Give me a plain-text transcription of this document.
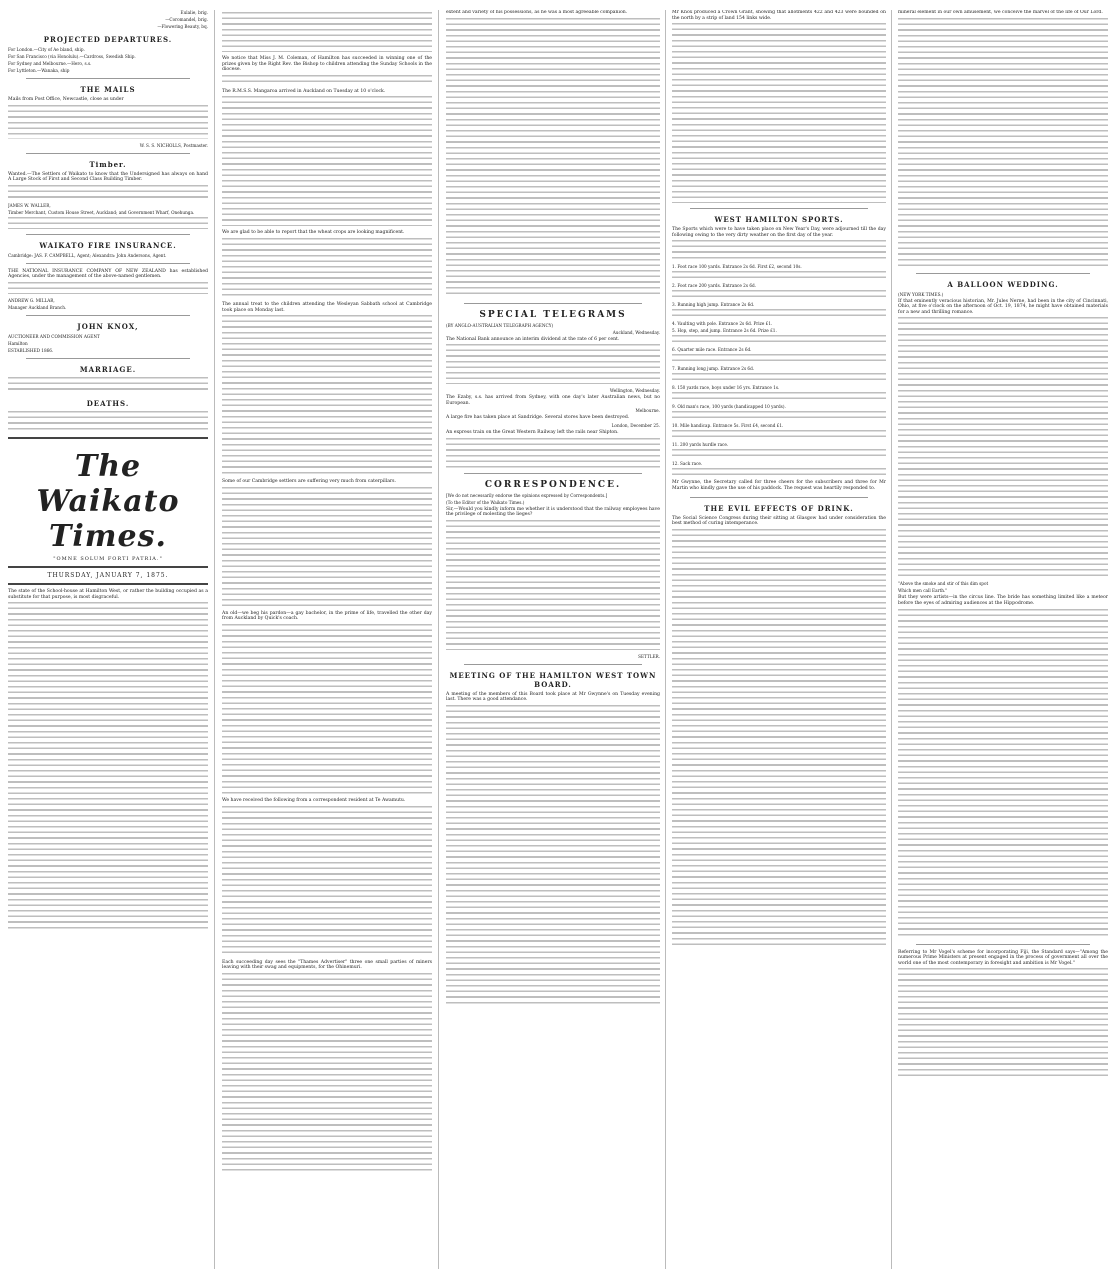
Eulalie, brig.
—Coromandel, brig.
—Flowering Beauty, bq.
PROJECTED DEPARTURES.
For London.—City of Ae bland, ship.
For San Francisco (via Honolulu).—Cardross, Swedish Ship.
For Sydney and Melbourne.—Hero, s.s.
For Lyttleton.—Wanaka, ship
THE MAILS
Mails from Post Office, Newcastle, close as under
W. S. S. NICHOLLS, Postmaster.
Timber.
Wanted.—The Settlers of Waikato to know that the Undersigned has always on hand A Large Stock of First and Second Class Building Timber.
JAMES W. WALLER,
Timber Merchant, Custom House Street, Auckland; and Government Wharf, Onehunga.
WAIKATO FIRE INSURANCE.
Cambridge: JAS. F. CAMPBELL, Agent; Alexandra: John Andersons, Agent.
THE NATIONAL INSURANCE COMPANY OF NEW ZEALAND has established Agencies, under the management of the above-named gentlemen.
ANDREW G. MILLAR,
Manager Auckland Branch.
JOHN KNOX,
AUCTIONEER AND COMMISSION AGENT
Hamilton
ESTABLISHED 1866.
MARRIAGE.
DEATHS.
The Waikato Times.
"OMNE SOLUM FORTI PATRIA."
THURSDAY, JANUARY 7, 1875.
The state of the School-house at Hamilton West, or rather the building occupied as a substitute for that purpose, is most disgraceful.
We notice that Miss J. M. Coleman, of Hamilton has succeeded in winning one of the prizes given by the Right Rev. the Bishop to children attending the Sunday Schools in the diocese.
The R.M.S.S. Mangaroa arrived in Auckland on Tuesday at 10 o'clock.
We are glad to be able to report that the wheat crops are looking magnificent.
The annual treat to the children attending the Wesleyan Sabbath school at Cambridge took place on Monday last.
Some of our Cambridge settlers are suffering very much from caterpillars.
An old—we beg his pardon—a gay bachelor, in the prime of life, travelled the other day from Auckland by Quick's coach.
We have received the following from a correspondent resident at Te Awamutu.
Each succeeding day sees the "Thames Advertiser" three one small parties of miners leaving with their swag and equipments, for the Ohinemuri.
extent and variety of his possessions, as he was a most agreeable companion.
SPECIAL TELEGRAMS
(BY ANGLO-AUSTRALIAN TELEGRAPH AGENCY)
Auckland, Wednesday.
The National Bank announce an interim dividend at the rate of 6 per cent.
Wellington, Wednesday.
The Ezaby, s.s. has arrived from Sydney, with one day's later Australian news, but no European.
Melbourne.
A large fire has taken place at Sandridge. Several stores have been destroyed.
London, December 25.
An express train on the Great Western Railway left the rails near Shipton.
CORRESPONDENCE.
[We do not necessarily endorse the opinions expressed by Correspondents.]
(To the Editor of the Waikato Times.)
Sir,—Would you kindly inform me whether it is understood that the railway employees have the privilege of molesting the lieges?
SETTLER.
MEETING OF THE HAMILTON WEST TOWN BOARD.
A meeting of the members of this Board took place at Mr Gwynne's on Tuesday evening last. There was a good attendance.
Mr Knox produced a Crown Grant, showing that allotments 422 and 423 were bounded on the north by a strip of land 154 links wide.
WEST HAMILTON SPORTS.
The Sports which were to have taken place on New Year's Day, were adjourned till the day following owing to the very dirty weather on the first day of the year.
1. Foot race 100 yards. Entrance 2s 6d. First £2, second 10s.
2. Foot race 200 yards. Entrance 2s 6d.
3. Running high jump. Entrance 2s 6d.
4. Vaulting with pole. Entrance 2s 6d. Prize £1.
5. Hop, step, and jump. Entrance 2s 6d. Prize £1.
6. Quarter mile race. Entrance 2s 6d.
7. Running long jump. Entrance 2s 6d.
8. 150 yards race, boys under 16 yrs. Entrance 1s.
9. Old man's race, 100 yards (handicapped 10 yards).
10. Mile handicap. Entrance 5s. First £4, second £1.
11. 200 yards hurdle race.
12. Sack race.
Mr Gwynne, the Secretary called for three cheers for the subscribers and three for Mr Martin who kindly gave the use of his paddock. The request was heartily responded to.
THE EVIL EFFECTS OF DRINK.
The Social Science Congress during their sitting at Glasgow had under consideration the best method of curing intemperance.
mineral element in our own amusement, we conceive the marvel of the life of Our Lord.
A BALLOON WEDDING.
(NEW YORK TIMES.)
If that eminently veracious historian, Mr. Jules Nerne, had been in the city of Cincinnati, Ohio, at five o'clock on the afternoon of Oct. 19, 1874, he might have obtained materials for a new and thrilling romance.
"Above the smoke and stir of this dim spot
Which men call Earth."
But they were artists—in the circus line. The bride has something limited like a meteor before the eyes of admiring audiences at the Hippodrome.
Referring to Mr Vogel's scheme for incorporating Fiji, the Standard says—"Among the numerous Prime Ministers at present engaged in the process of government all over the world one of the most contemporary in foresight and ambition is Mr Vogel."
